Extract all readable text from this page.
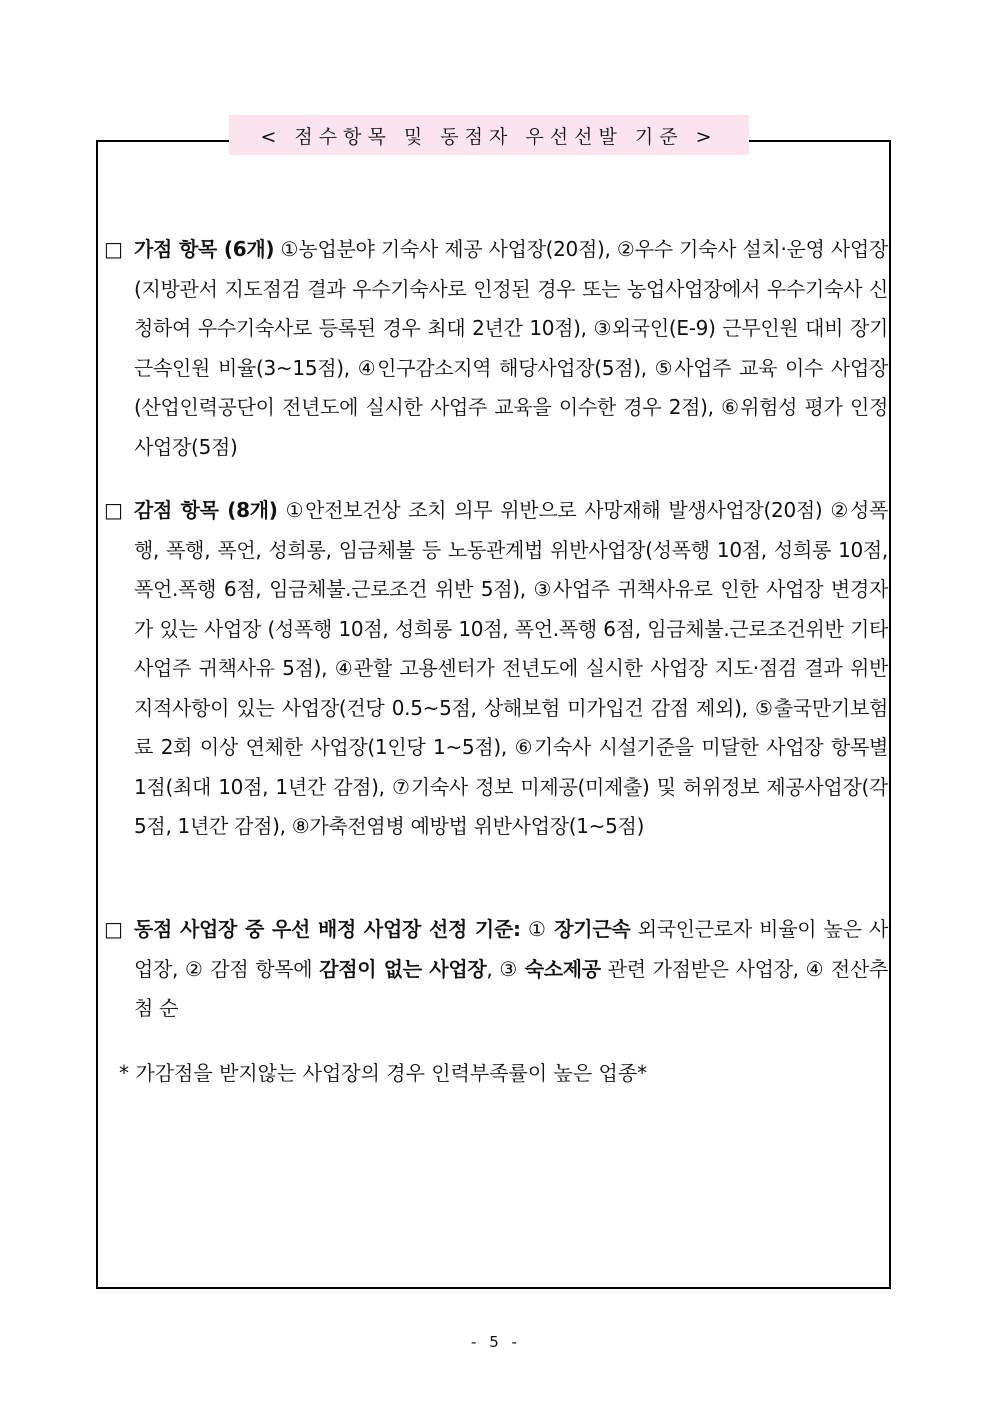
< 점수항목 및 동점자 우선선발 기준 >
□ 가점 항목 (6개) ①농업분야 기숙사 제공 사업장(20점), ②우수 기숙사 설치·운영 사업장(지방관서 지도점검 결과 우수기숙사로 인정된 경우 또는 농업사업장에서 우수기숙사 신청하여 우수기숙사로 등록된 경우 최대 2년간 10점), ③외국인(E-9) 근무인원 대비 장기근속인원 비율(3~15점), ④인구감소지역 해당사업장(5점), ⑤사업주 교육 이수 사업장(산업인력공단이 전년도에 실시한 사업주 교육을 이수한 경우 2점), ⑥위험성 평가 인정 사업장(5점)
□ 감점 항목 (8개) ①안전보건상 조치 의무 위반으로 사망재해 발생사업장(20점) ②성폭행, 폭행, 폭언, 성희롱, 임금체불 등 노동관계법 위반사업장(성폭행 10점, 성희롱 10점, 폭언.폭행 6점, 임금체불.근로조건 위반 5점), ③사업주 귀책사유로 인한 사업장 변경자가 있는 사업장 (성폭행 10점, 성희롱 10점, 폭언.폭행 6점, 임금체불.근로조건위반 기타 사업주 귀책사유 5점), ④관할 고용센터가 전년도에 실시한 사업장 지도·점검 결과 위반 지적사항이 있는 사업장(건당 0.5~5점, 상해보험 미가입건 감점 제외), ⑤출국만기보험료 2회 이상 연체한 사업장(1인당 1~5점), ⑥기숙사 시설기준을 미달한 사업장 항목별 1점(최대 10점, 1년간 감점), ⑦기숙사 정보 미제공(미제출) 및 허위정보 제공사업장(각 5점, 1년간 감점), ⑧가축전염병 예방법 위반사업장(1~5점)
□ 동점 사업장 중 우선 배정 사업장 선정 기준: ① 장기근속 외국인근로자 비율이 높은 사업장, ② 감점 항목에 감점이 없는 사업장, ③ 숙소제공 관련 가점받은 사업장, ④ 전산추첨 순
* 가감점을 받지않는 사업장의 경우 인력부족률이 높은 업종*
- 5 -
